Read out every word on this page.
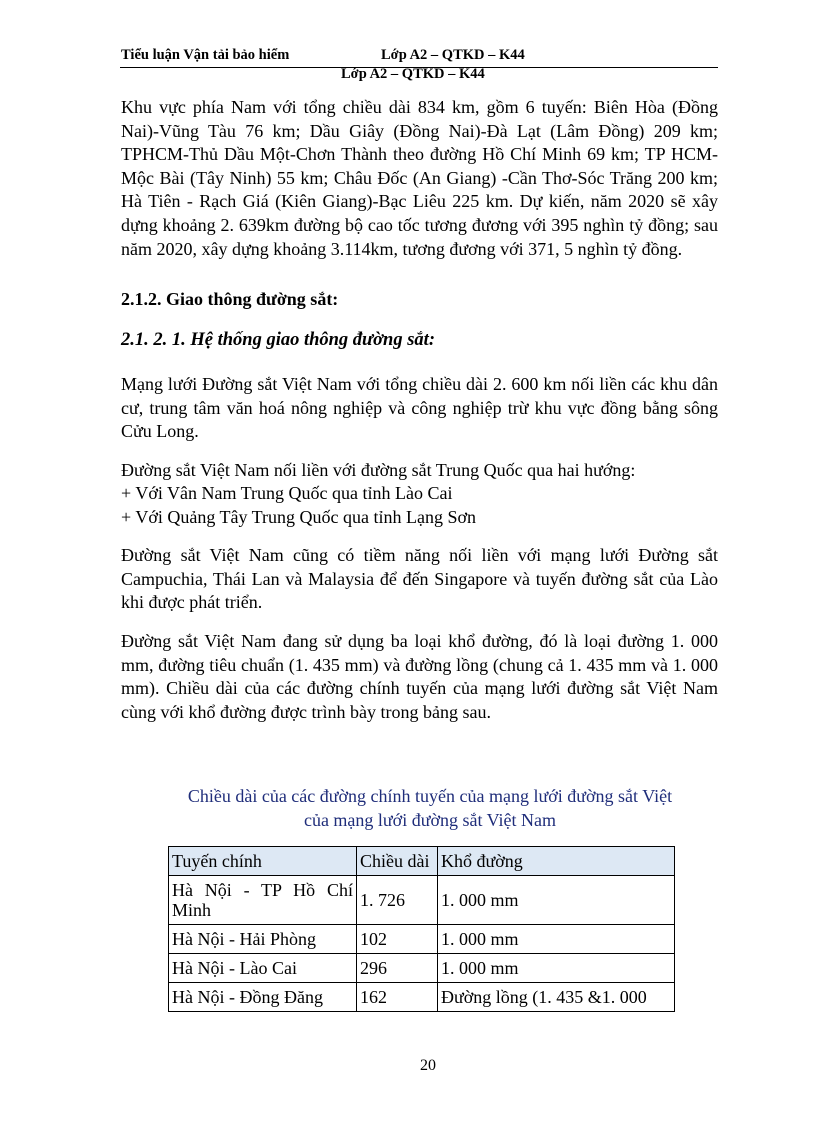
Tiểu luận Vận tải bảo hiểm	Lớp A2 – QTKD – K44
Lớp A2 – QTKD – K44

Khu vực phía Nam với tổng chiều dài 834 km, gồm 6 tuyến: Biên Hòa (Đồng Nai)-Vũng Tàu 76 km; Dầu Giây (Đồng Nai)-Đà Lạt (Lâm Đồng) 209 km; TPHCM-Thủ Dầu Một-Chơn Thành theo đường Hồ Chí Minh 69 km; TP HCM-Mộc Bài (Tây Ninh) 55 km; Châu Đốc (An Giang) -Cần Thơ-Sóc Trăng 200 km; Hà Tiên - Rạch Giá (Kiên Giang)-Bạc Liêu 225 km. Dự kiến, năm 2020 sẽ xây dựng khoảng 2. 639km đường bộ cao tốc tương đương với 395 nghìn tỷ đồng; sau năm 2020, xây dựng khoảng 3.114km, tương đương với 371, 5 nghìn tỷ đồng.

2.1.2. Giao thông đường sắt:

2.1. 2. 1. Hệ thống giao thông đường sắt:

Mạng lưới Đường sắt Việt Nam với tổng chiều dài 2. 600 km nối liền các khu dân cư, trung tâm văn hoá nông nghiệp và công nghiệp trừ khu vực đồng bằng sông Cửu Long.

Đường sắt Việt Nam nối liền với đường sắt Trung Quốc qua hai hướng:
+ Với Vân Nam Trung Quốc qua tỉnh Lào Cai
+ Với Quảng Tây Trung Quốc qua tỉnh Lạng Sơn

Đường sắt Việt Nam cũng có tiềm năng nối liền với mạng lưới Đường sắt Campuchia, Thái Lan và Malaysia để đến Singapore và tuyến đường sắt của Lào khi được phát triển.

Đường sắt Việt Nam đang sử dụng ba loại khổ đường, đó là loại đường 1. 000 mm, đường tiêu chuẩn (1. 435 mm) và đường lồng (chung cả 1. 435 mm và 1. 000 mm). Chiều dài của các đường chính tuyến của mạng lưới đường sắt Việt Nam cùng với khổ đường được trình bày trong bảng sau.

Chiều dài của các đường chính tuyến của mạng lưới đường sắt Việt
của mạng lưới đường sắt Việt Nam
Tuyến chính	Chiều dài	Khổ đường
Hà Nội - TP Hồ Chí Minh	1. 726	1. 000 mm
Hà Nội - Hải Phòng	102	1. 000 mm
Hà Nội - Lào Cai	296	1. 000 mm
Hà Nội - Đồng Đăng	162	Đường lồng (1. 435 &1. 000
20
